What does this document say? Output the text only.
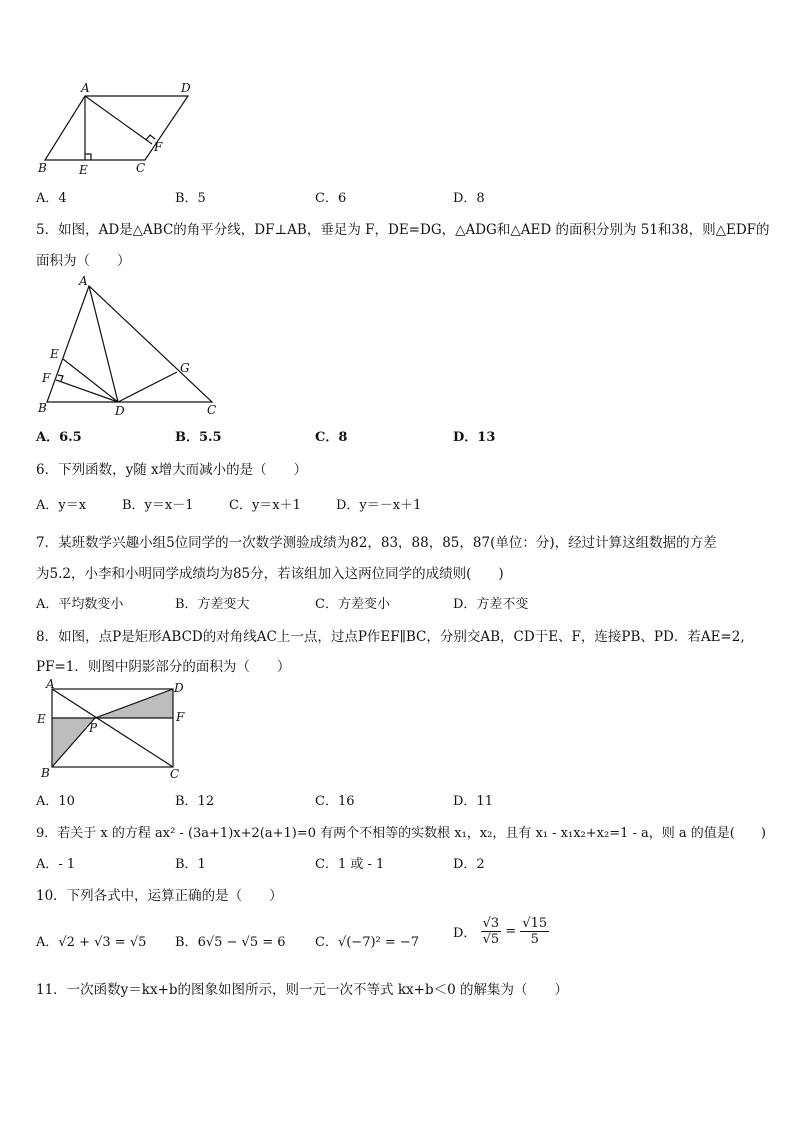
A	D
B	E	C
F
A．4	B．5	C．6	D．8
5．如图，AD是△ABC的角平分线，DF⊥AB，垂足为 F，DE=DG，△ADG和△AED 的面积分别为 51和38，则△EDF的
面积为（　　）
A
E
F
B	D
G
C
A．6.5	B．5.5	C．8	D．13
6．下列函数，y随 x增大而减小的是（　　）
A．y＝x	B．y＝x－1	C．y＝x＋1	D．y＝－x＋1
7．某班数学兴趣小组5位同学的一次数学测验成绩为82，83，88，85，87(单位：分)，经过计算这组数据的方差
为5.2，小李和小明同学成绩均为85分，若该组加入这两位同学的成绩则(　　)
A．平均数变小	B．方差变大	C．方差变小	D．方差不变
8．如图，点P是矩形ABCD的对角线AC上一点，过点P作EF∥BC，分别交AB，CD于E、F，连接PB、PD．若AE=2,
PF=1．则图中阴影部分的面积为（　　）
A	D
E	F
P
B	C
A．10	B．12	C．16	D．11
9．若关于 x 的方程 ax² - (3a+1)x+2(a+1)=0 有两个不相等的实数根 x₁，x₂，且有 x₁ - x₁x₂+x₂=1 - a，则 a 的值是(　　)
A．- 1	B．1	C．1 或 - 1	D．2
10．下列各式中，运算正确的是（　　）
A．√2 + √3 = √5 B．6√5 − √5 = 6 C．√(−7)² = −7
D． $\frac{√3}{√5} = \frac{√15}{5}$
11．一次函数y＝kx+b的图象如图所示，则一元一次不等式 kx+b＜0 的解集为（　　）
